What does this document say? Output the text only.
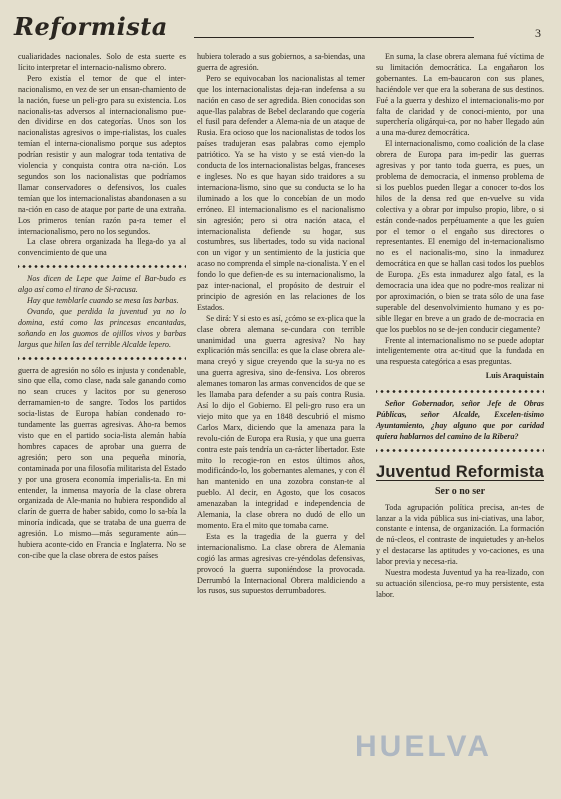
Reformista	3

cualiaridades nacionales. Solo de esta suerte es lícito interpretar el internacio-nalismo obrero.

Pero existía el temor de que el inter-nacionalismo, en vez de ser un ensan-chamiento de la nación, fuese un peli-gro para su existencia. Los nacionalis-tas adversos al internacionalismo pue-den dividirse en dos categorías. Unos son los nacionalistas agresivos o impe-rialistas, los cuales temían el interna-cionalismo porque sus adeptos podrían resistir y aun malograr toda tentativa de violencia y conquista contra otra na-ción. Los segundos son los nacionalistas que podríamos llamar conservadores o defensivos, los cuales temían que los internacionalistas abandonasen a su na-ción en caso de ataque por parte de una extraña. Los primeros tenían razón pa-ra temer el internacionalismo, pero no los segundos.

La clase obrera organizada ha llega-do ya al convencimiento de que una

Nos dicen de Lepe que Jaime el Bar-budo es algo así como el tirano de Si-racusa.

Hay que temblarle cuando se mesa las barbas.

Ovando, que perdida la juventud ya no lo domina, está como las princesas encantadas, soñando en los guomos de ojillos vivos y barbas largus que hilen las del terrible Alcalde lepero.

guerra de agresión no sólo es injusta y condenable, sino que ella, como clase, nada sale ganando como no sean cruces y lacitos por su generoso derramamien-to de sangre. Todos los partidos socia-listas de Europa habían condenado ro-tundamente las guerras agresivas. Aho-ra bemos visto que en el partido socia-lista alemán había hombres capaces de aprobar una guerra de agresión; pero son una pequeña minoría, contaminada por una filosofía militarista del Estado y por una grosera economía imperialis-ta. En mi entender, la inmensa mayoría de la clase obrera organizada de Ale-mania no hubiera respondido al clarín de guerra de haber sabido, como lo sa-bía la minoría indicada, que se trataba de una guerra de agresión. Lo mismo—más seguramente aún—hubiera aconte-cido en Francia e Inglaterra. No se con-cibe que la clase obrera de estos países

hubiera tolerado a sus gobiernos, a sa-biendas, una guerra de agresión.

Pero se equivocaban los nacionalistas al temer que los internacionalistas deja-ran indefensa a su nación en caso de ser agredida. Bien conocidas son aque-llas palabras de Bebel declarando que cogería el fusil para defender a Alema-nia de un ataque de Rusia. Era ocioso que los nacionalistas de todos los países tradujeran esas palabras como ejemplo patriótico. Ya se ha visto y se está vien-do la conducta de los internacionalistas belgas, franceses e ingleses. No es que hayan sido traidores a su internaciona-lismo, sino que su conducta se lo ha iluminado a los que lo concebían de un modo erróneo. El internacionalismo es el nacionalismo sin agresión; pero si otra nación ataca, el internacionalista defiende su hogar, sus costumbres, sus libertades, todo su vida nacional con un vigor y un sentimiento de la justicia que acaso no comprenda el simple na-cionalista. Y en el fondo lo que defien-de es su internacionalismo, la paz inter-nacional, el propósito de destruir el principio de agresión en las relaciones de los Estados.

Se dirá: Y si esto es así, ¿cómo se ex-plica que la clase obrera alemana se-cundara con terrible unanimidad una guerra agresiva? No hay explicación más sencilla: es que la clase obrera ale-mana creyó y sigue creyendo que la su-ya no es una guerra agresiva, sino de-fensiva. Los obreros alemanes tomaron las armas convencidos de que se les llamaba para defender a su país contra Rusia. Así lo dijo el Gobierno. El peli-gro ruso era un viejo mito que ya en 1848 descubrió el mismo Carlos Marx, diciendo que la amenaza para la revolu-ción de Europa era Rusia, y que una guerra contra este país tendría un ca-rácter libertador. Este mito lo recogie-ron en estos últimos años, modificándo-lo, los gobernantes alemanes, y con él han mantenido en una zozobra constan-te al pueblo. Al decir, en Agosto, que los cosacos amenazaban la integridad e independencia de Alemania, la clase obrera no dudó de ello un momento. Era el mito que tomaba carne.

Esta es la tragedia de la guerra y del internacionalismo. La clase obrera de Alemania cogió las armas agresivas cre-yéndolas defensivas, provocó la guerra suponiéndose la provocada. Derrumbó la Internacional Obrera maldiciendo a los rusos, sus supuestos derrumbadores.

En suma, la clase obrera alemana fué víctima de su limitación democrática. La engañaron los gobernantes. La em-baucaron con sus planes, haciéndole ver que era la soberana de sus destinos. Fué a la guerra y deshizo el internacionalis-mo por falta de claridad y de conoci-miento, por una superchería oligárqui-ca, por no haber llegado aún a una ma-durez democrática.

El internacionalismo, como coalición de la clase obrera de Europa para im-pedir las guerras agresivas y por tanto toda guerra, es pues, un problema de democracia, el inmenso problema de si los pueblos pueden llegar a conocer to-dos los hilos de la densa red que en-vuelve su vida colectiva y a obrar por impulso propio, libre, o si están conde-nados perpétuamente a que les guíen por el temor o el engaño sus directores o representantes. El enemigo del in-ternacionalismo no es el nacionalis-mo, sino la inmadurez democrática en que se hallan casi todos los pueblos de Europa. ¿Es esta inmadurez algo fatal, es la democracia una idea que no podre-mos realizar ni por aproximación, o bien se trata sólo de una fase superable del desenvolvimiento humano y es po-sible llegar en breve a un grado de de-mocracia en que los pueblos no se de-jen conducir ciegamente?

Frente al internacionalismo no se puede adoptar inteligentemente otra ac-titud que la fundada en una respuesta categórica a esas preguntas.

Luis Araquistain

Señor Gobernador, señor Jefe de Obras Públicas, señor Alcalde, Excelen-tísimo Ayuntamiento, ¿hay alguno que por caridad quiera hablarnos del camino de la Ribera?

Juventud Reformista
Ser o no ser

Toda agrupación política precisa, an-tes de lanzar a la vida pública sus ini-ciativas, una labor, constante e intensa, de organización. La formación de nú-cleos, el contraste de inquietudes y an-helos y el destacarse las aptitudes y vo-caciones, es una labor previa y necesa-ria.

Nuestra modesta Juventud ya ha rea-lizado, con su actuación silenciosa, pe-ro muy persistente, esta labor.

HUELVA
